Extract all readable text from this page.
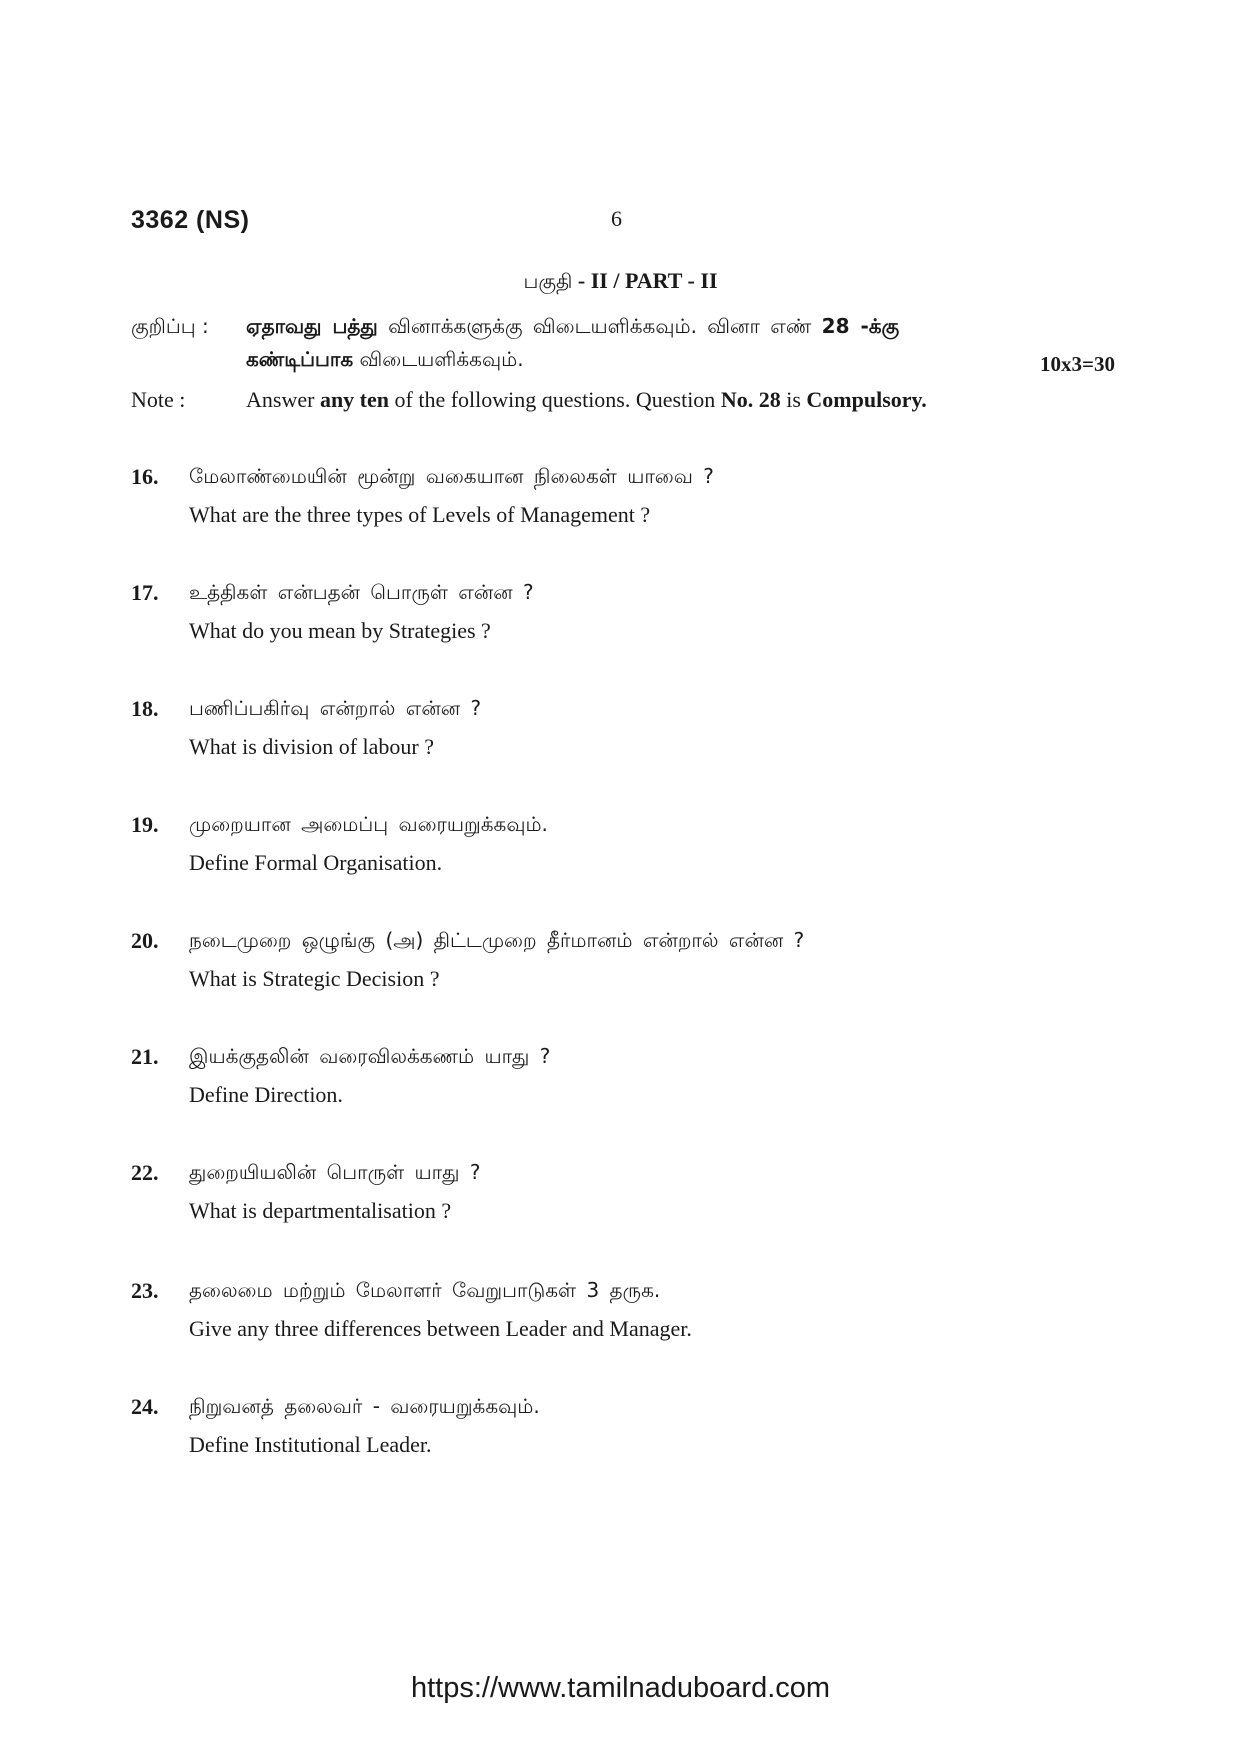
3362 (NS)	6
பகுதி - II / PART - II
குறிப்பு : ஏதாவது பத்து வினாக்களுக்கு விடையளிக்கவும். வினா எண் 28 -க்கு
கண்டிப்பாக விடையளிக்கவும்.	10x3=30
Note :	Answer any ten of the following questions. Question No. 28 is Compulsory.
16. மேலாண்மையின் மூன்று வகையான நிலைகள் யாவை ?
What are the three types of Levels of Management ?
17. உத்திகள் என்பதன் பொருள் என்ன ?
What do you mean by Strategies ?
18. பணிப்பகிர்வு என்றால் என்ன ?
What is division of labour ?
19. முறையான அமைப்பு வரையறுக்கவும்.
Define Formal Organisation.
20. நடைமுறை ஒழுங்கு (அ) திட்டமுறை தீர்மானம் என்றால் என்ன ?
What is Strategic Decision ?
21. இயக்குதலின் வரைவிலக்கணம் யாது ?
Define Direction.
22. துறையியலின் பொருள் யாது ?
What is departmentalisation ?
23. தலைமை மற்றும் மேலாளர் வேறுபாடுகள் 3 தருக.
Give any three differences between Leader and Manager.
24. நிறுவனத் தலைவர் - வரையறுக்கவும்.
Define Institutional Leader.
https://www.tamilnaduboard.com
